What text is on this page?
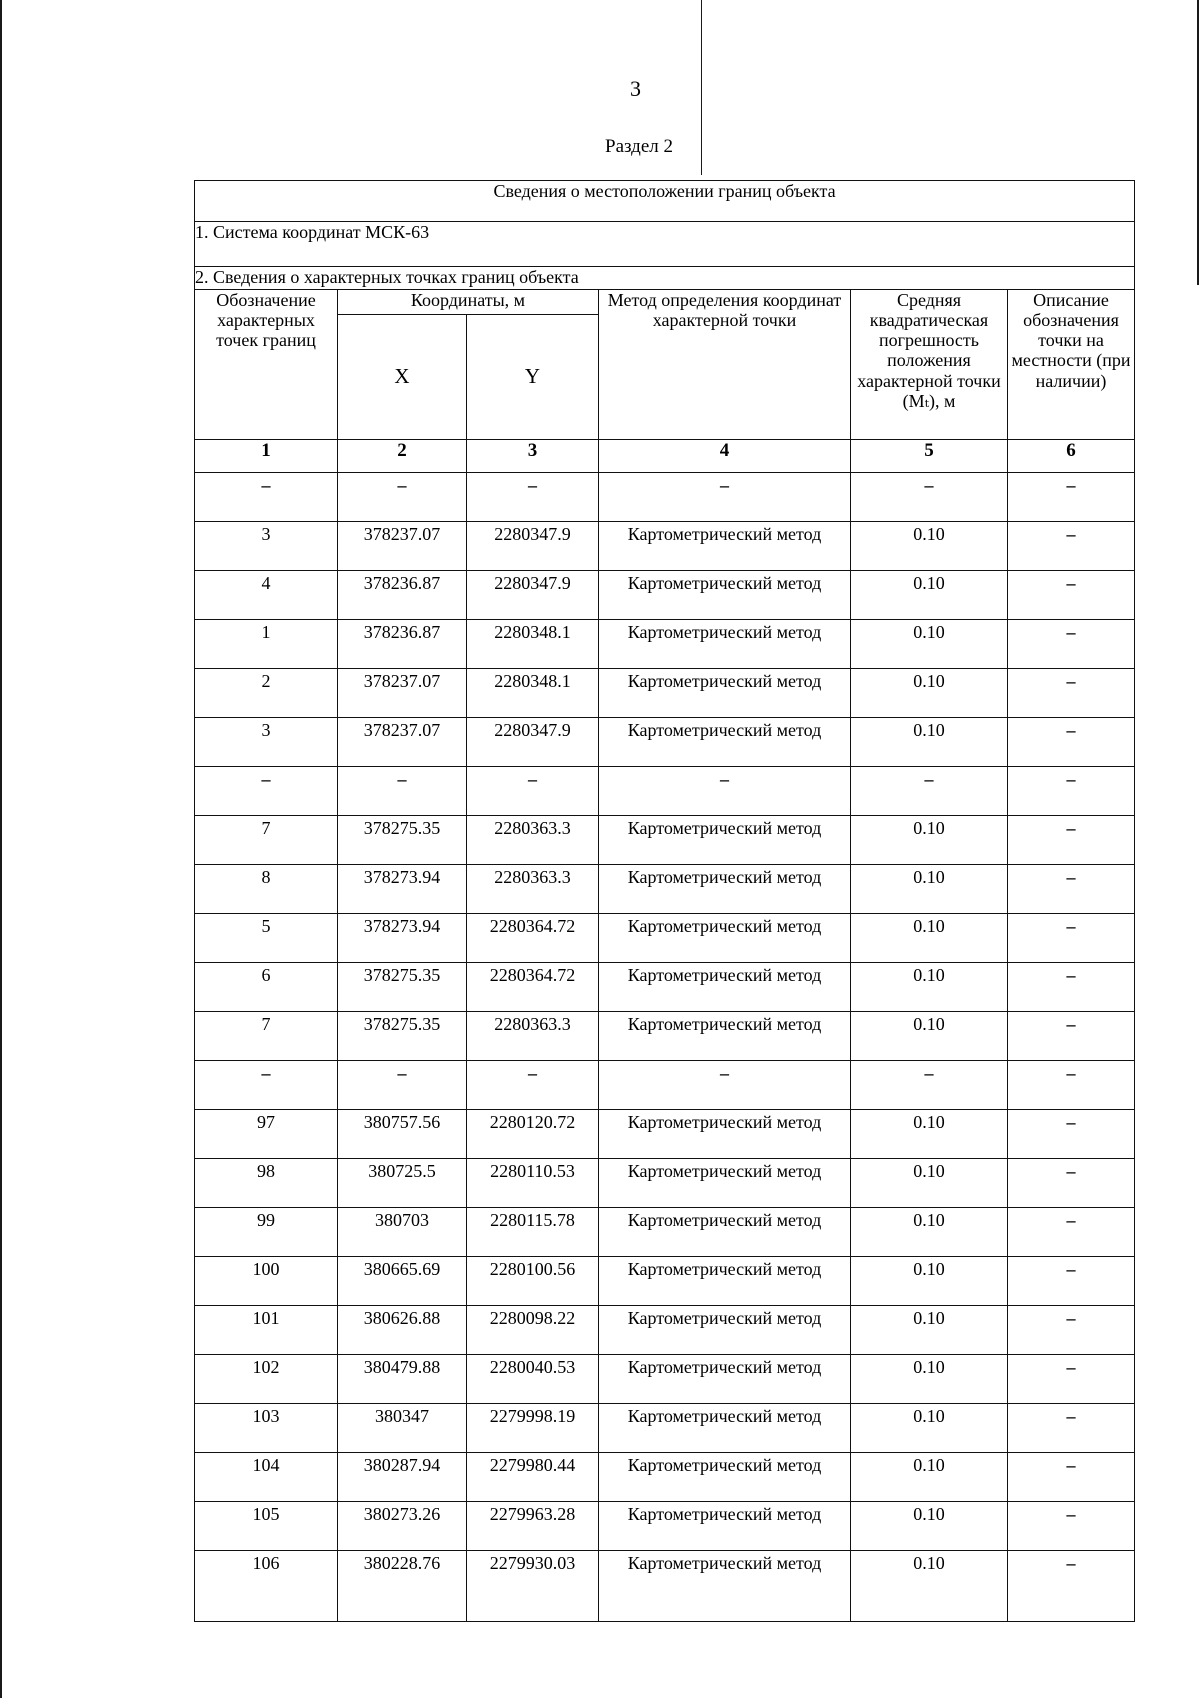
3
Раздел 2
Сведения о местоположении границ объекта					
1. Система координат МСК-63					
2. Сведения о характерных точках границ объекта					
Обозначение характерных точек границ	Координаты, м		Метод определения координат характерной точки	Средняя квадратическая погрешность положения характерной точки (Mₜ), м	Описание обозначения точки на местности (при наличии)
	X	Y			
1	2	3	4	5	6
–	–	–	–	–	–
3	378237.07	2280347.9	Картометрический метод	0.10	–
4	378236.87	2280347.9	Картометрический метод	0.10	–
1	378236.87	2280348.1	Картометрический метод	0.10	–
2	378237.07	2280348.1	Картометрический метод	0.10	–
3	378237.07	2280347.9	Картометрический метод	0.10	–
–	–	–	–	–	–
7	378275.35	2280363.3	Картометрический метод	0.10	–
8	378273.94	2280363.3	Картометрический метод	0.10	–
5	378273.94	2280364.72	Картометрический метод	0.10	–
6	378275.35	2280364.72	Картометрический метод	0.10	–
7	378275.35	2280363.3	Картометрический метод	0.10	–
–	–	–	–	–	–
97	380757.56	2280120.72	Картометрический метод	0.10	–
98	380725.5	2280110.53	Картометрический метод	0.10	–
99	380703	2280115.78	Картометрический метод	0.10	–
100	380665.69	2280100.56	Картометрический метод	0.10	–
101	380626.88	2280098.22	Картометрический метод	0.10	–
102	380479.88	2280040.53	Картометрический метод	0.10	–
103	380347	2279998.19	Картометрический метод	0.10	–
104	380287.94	2279980.44	Картометрический метод	0.10	–
105	380273.26	2279963.28	Картометрический метод	0.10	–
106	380228.76	2279930.03	Картометрический метод	0.10	–
